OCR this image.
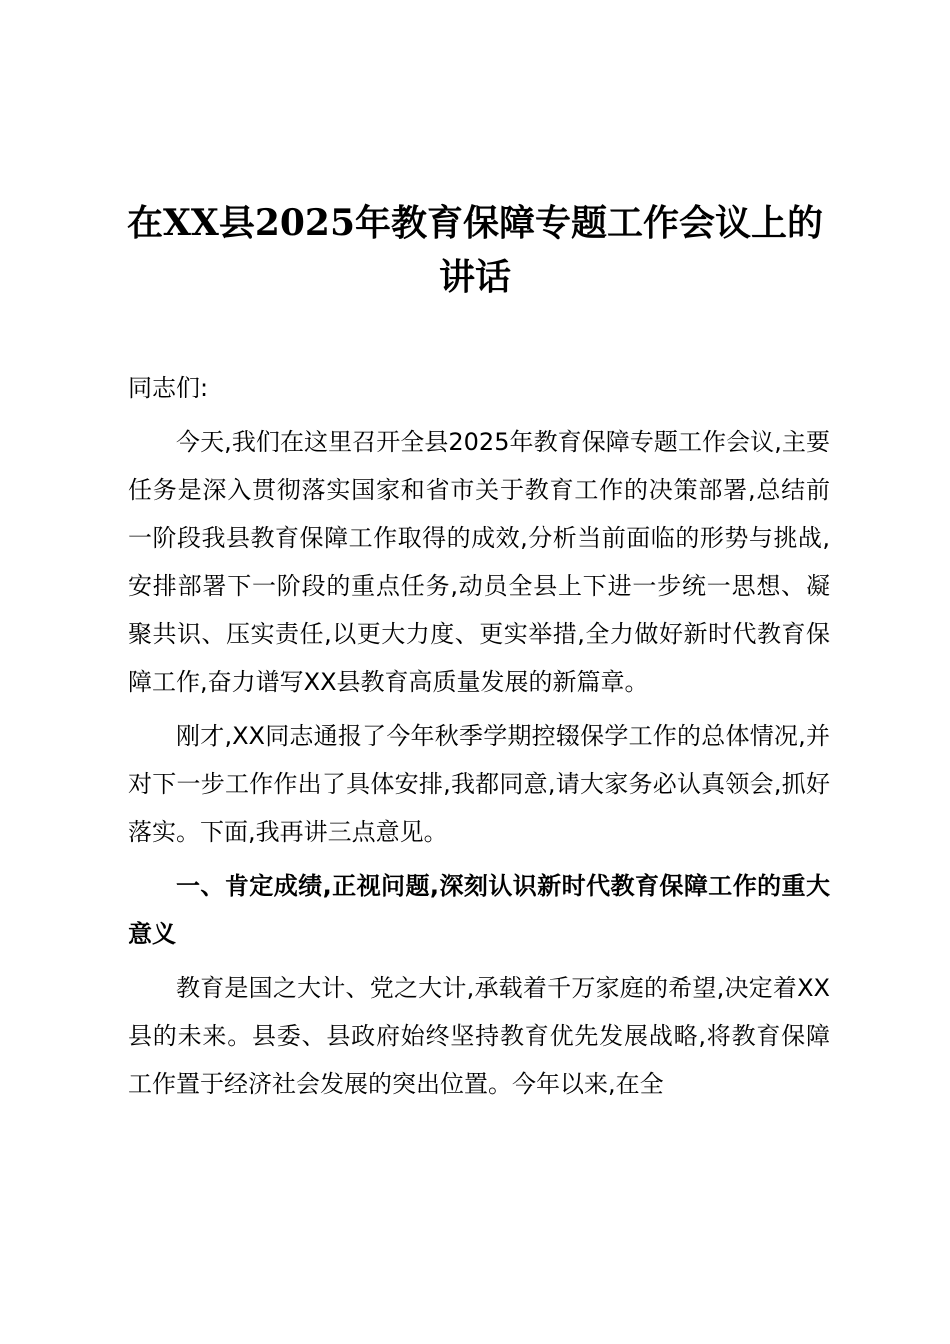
在XX县2025年教育保障专题工作会议上的讲话

同志们:

今天,我们在这里召开全县2025年教育保障专题工作会议,主要任务是深入贯彻落实国家和省市关于教育工作的决策部署,总结前一阶段我县教育保障工作取得的成效,分析当前面临的形势与挑战,安排部署下一阶段的重点任务,动员全县上下进一步统一思想、凝聚共识、压实责任,以更大力度、更实举措,全力做好新时代教育保障工作,奋力谱写XX县教育高质量发展的新篇章。

刚才,XX同志通报了今年秋季学期控辍保学工作的总体情况,并对下一步工作作出了具体安排,我都同意,请大家务必认真领会,抓好落实。下面,我再讲三点意见。

一、肯定成绩,正视问题,深刻认识新时代教育保障工作的重大意义

教育是国之大计、党之大计,承载着千万家庭的希望,决定着XX县的未来。县委、县政府始终坚持教育优先发展战略,将教育保障工作置于经济社会发展的突出位置。今年以来,在全
